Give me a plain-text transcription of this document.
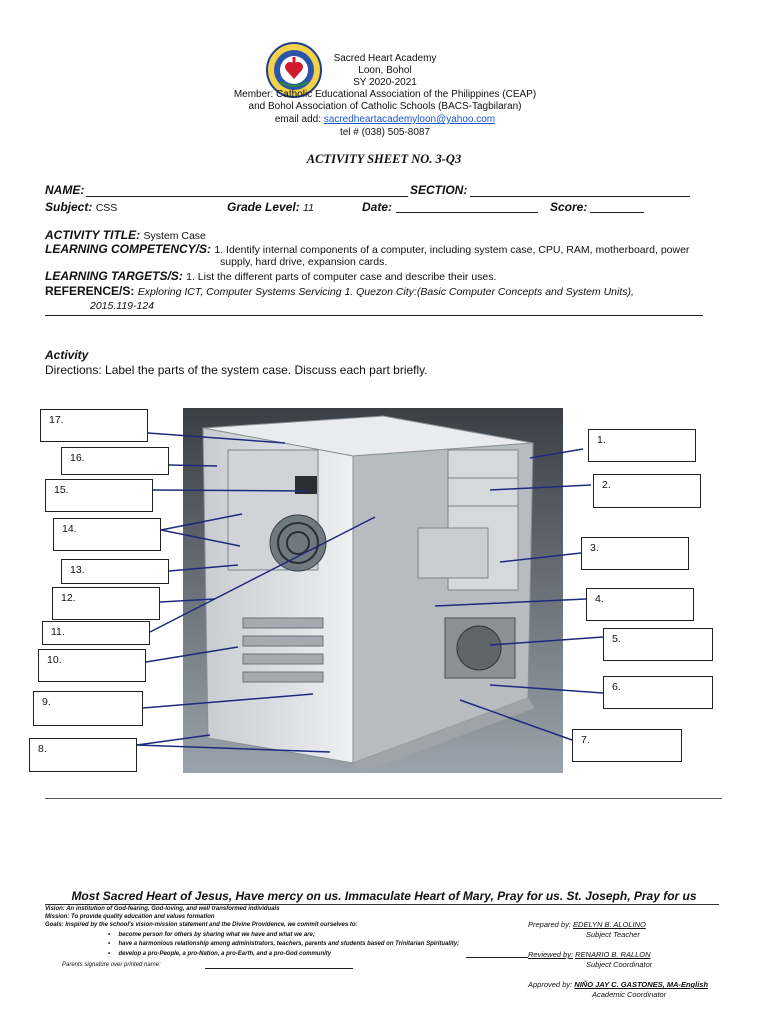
Sacred Heart Academy
Loon, Bohol
SY 2020-2021
Member: Catholic Educational Association of the Philippines (CEAP)
and Bohol Association of Catholic Schools (BACS-Tagbilaran)
email add: sacredheartacademyloon@yahoo.com
tel # (038) 505-8087
ACTIVITY SHEET NO. 3-Q3
NAME:	SECTION:
Subject: CSS	Grade Level: 11	Date:	Score:
ACTIVITY TITLE: System Case
LEARNING COMPETENCY/S: 1. Identify internal components of a computer, including system case, CPU, RAM, motherboard, power
supply, hard drive, expansion cards.
LEARNING TARGETS/S: 1. List the different parts of computer case and describe their uses.
REFERENCE/S: Exploring ICT, Computer Systems Servicing 1. Quezon City:(Basic Computer Concepts and System Units),
2015.119-124
Activity
Directions: Label the parts of the system case. Discuss each part briefly.
17.
16.
15.
14.
13.
12.
11.
10.
9.
8.
1.
2.
3.
4.
5.
6.
7.
Most Sacred Heart of Jesus, Have mercy on us. Immaculate Heart of Mary, Pray for us. St. Joseph, Pray for us
Vision: An institution of God-fearing, God-loving, and well transformed individuals
Mission: To provide quality education and values formation
Goals: Inspired by the school's vision-mission statement and the Divine Providence, we commit ourselves to:
•     become person for others by sharing what we have and what we are;
•     have a harmonious relationship among administrators, teachers, parents and students based on Trinitarian Spirituality;
•     develop a pro-People, a pro-Nation, a pro-Earth, and a pro-God community
Parents signature over printed name:
Prepared by: EDELYN B. ALOLINO
Subject Teacher
Reviewed by: RENARIO B. RALLON
Subject Coordinator
Approved by: NIÑO JAY C. GASTONES, MA-English
Academic Coordinator
